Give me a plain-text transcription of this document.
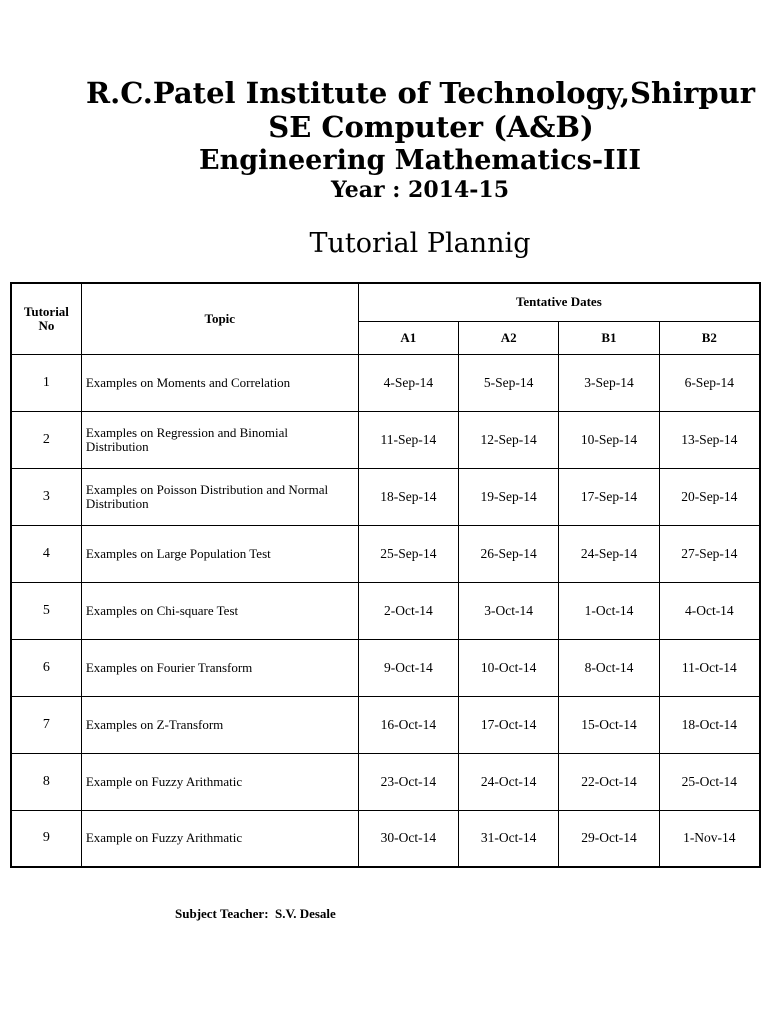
R.C.Patel Institute of Technology,Shirpur
SE Computer (A&B)
Engineering Mathematics-III
Year : 2014-15
Tutorial Plannig
Tutorial No	Topic	Tentative Dates			
		A1	A2	B1	B2
1	Examples on Moments and Correlation	4-Sep-14	5-Sep-14	3-Sep-14	6-Sep-14
2	Examples on Regression and Binomial Distribution	11-Sep-14	12-Sep-14	10-Sep-14	13-Sep-14
3	Examples on Poisson Distribution and Normal Distribution	18-Sep-14	19-Sep-14	17-Sep-14	20-Sep-14
4	Examples on Large Population Test	25-Sep-14	26-Sep-14	24-Sep-14	27-Sep-14
5	Examples on Chi-square Test	2-Oct-14	3-Oct-14	1-Oct-14	4-Oct-14
6	Examples on Fourier Transform	9-Oct-14	10-Oct-14	8-Oct-14	11-Oct-14
7	Examples on Z-Transform	16-Oct-14	17-Oct-14	15-Oct-14	18-Oct-14
8	Example on Fuzzy Arithmatic	23-Oct-14	24-Oct-14	22-Oct-14	25-Oct-14
9	Example on Fuzzy Arithmatic	30-Oct-14	31-Oct-14	29-Oct-14	1-Nov-14
Subject Teacher:  S.V. Desale
